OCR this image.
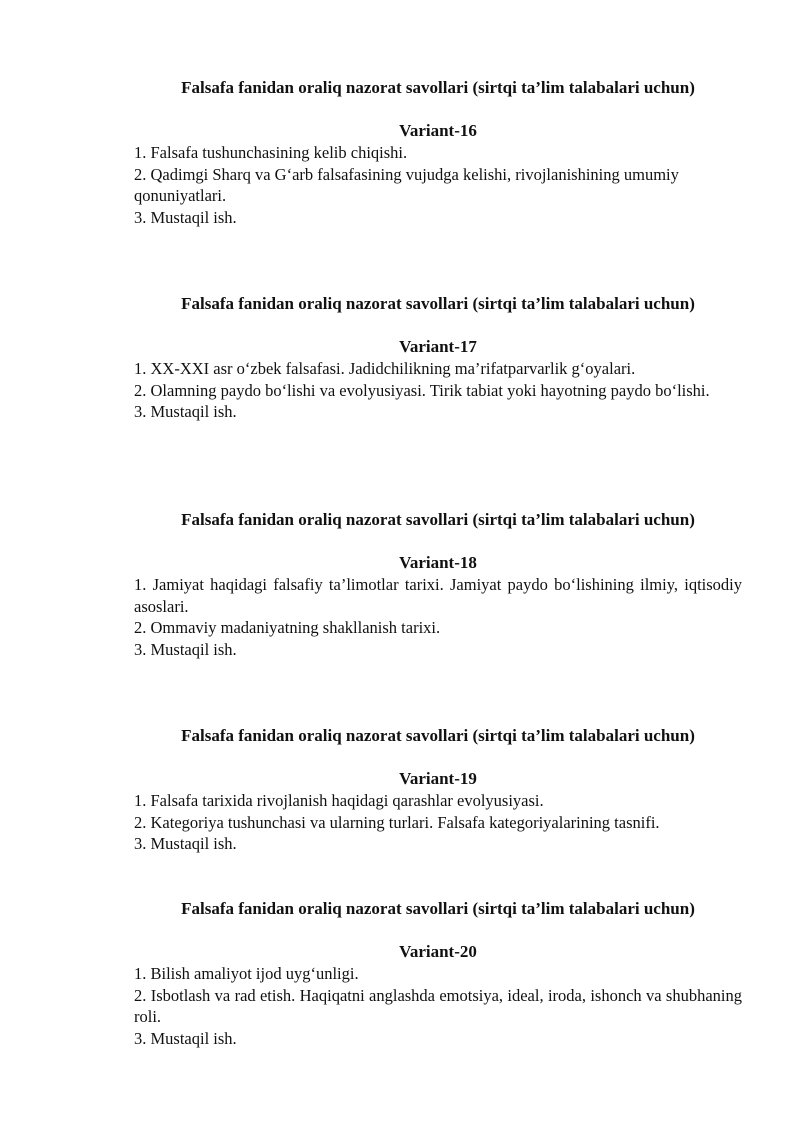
Falsafa fanidan oraliq nazorat savollari (sirtqi ta’lim talabalari uchun)

Variant-16

1. Falsafa tushunchasining kelib chiqishi.

2. Qadimgi Sharq va G‘arb falsafasining vujudga kelishi, rivojlanishining umumiy qonuniyatlari.

3. Mustaqil ish.

Falsafa fanidan oraliq nazorat savollari (sirtqi ta’lim talabalari uchun)

Variant-17

1. XX-XXI asr o‘zbek falsafasi. Jadidchilikning ma’rifatparvarlik g‘oyalari.

2. Olamning paydo bo‘lishi va evolyusiyasi. Tirik tabiat yoki hayotning paydo bo‘lishi.

3. Mustaqil ish.

Falsafa fanidan oraliq nazorat savollari (sirtqi ta’lim talabalari uchun)

Variant-18

1. Jamiyat haqidagi falsafiy ta’limotlar tarixi. Jamiyat paydo bo‘lishining ilmiy, iqtisodiy asoslari.

2. Ommaviy madaniyatning shakllanish tarixi.

3. Mustaqil ish.

Falsafa fanidan oraliq nazorat savollari (sirtqi ta’lim talabalari uchun)

Variant-19

1. Falsafa tarixida rivojlanish haqidagi qarashlar evolyusiyasi.

2. Kategoriya tushunchasi va ularning turlari. Falsafa kategoriyalarining tasnifi.

3. Mustaqil ish.

Falsafa fanidan oraliq nazorat savollari (sirtqi ta’lim talabalari uchun)

Variant-20

1. Bilish amaliyot ijod uyg‘unligi.

2. Isbotlash va rad etish. Haqiqatni anglashda emotsiya, ideal, iroda, ishonch va shubhaning roli.

3. Mustaqil ish.
